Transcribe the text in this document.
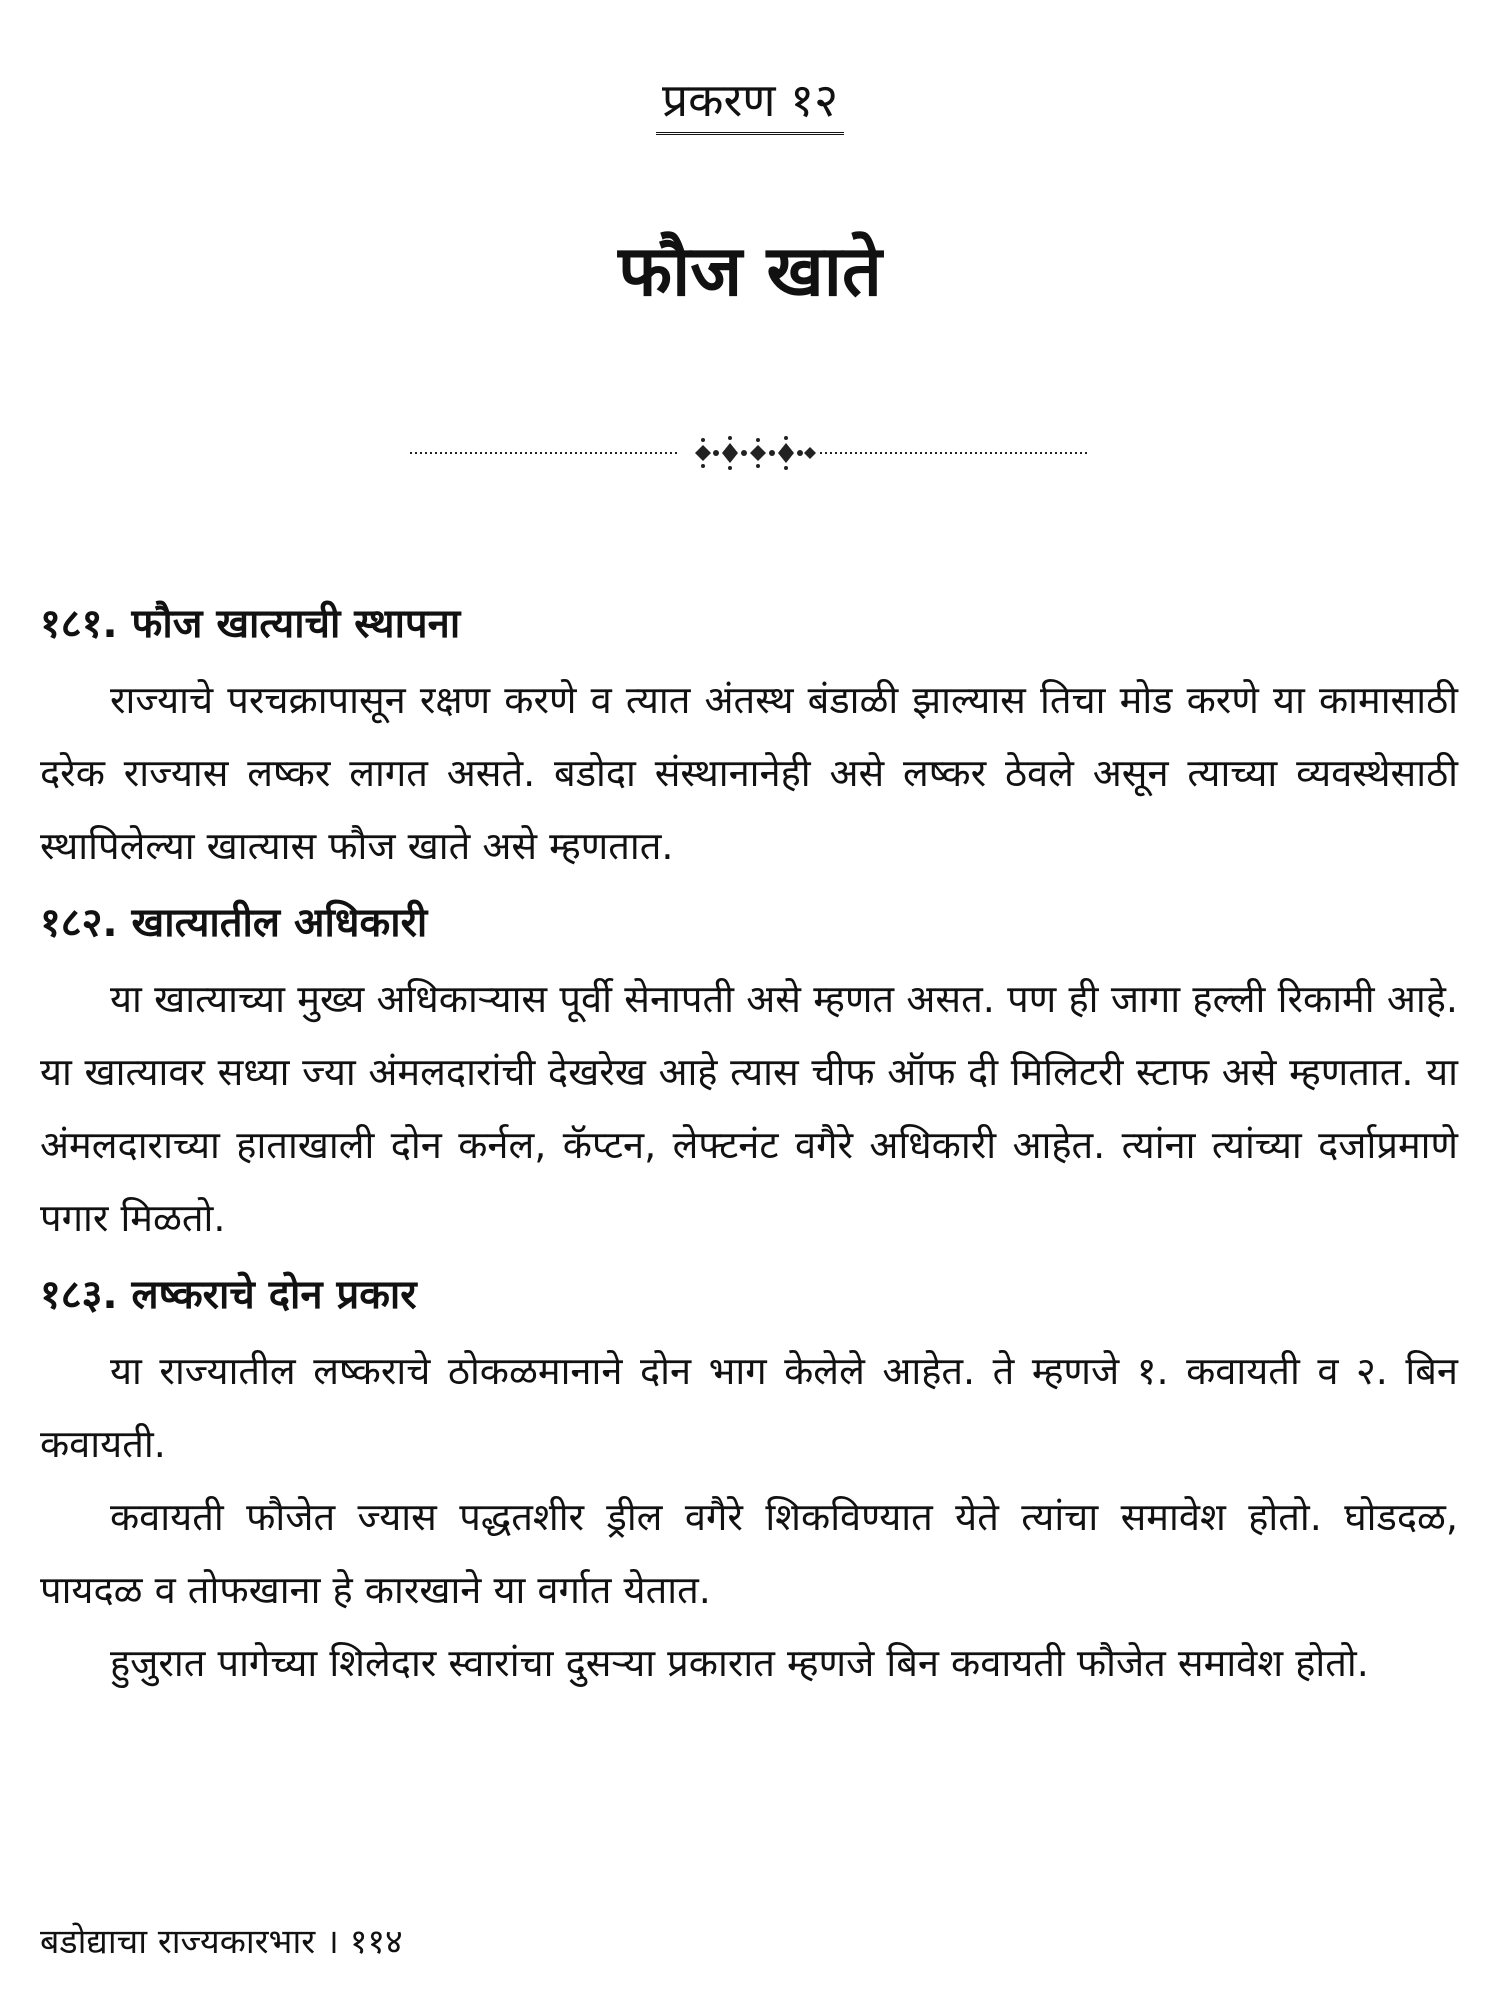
प्रकरण १२
फौज खाते
१८१. फौज खात्याची स्थापना

राज्याचे परचक्रापासून रक्षण करणे व त्यात अंतस्थ बंडाळी झाल्यास तिचा मोड करणे या कामासाठी दरेक राज्यास लष्कर लागत असते. बडोदा संस्थानानेही असे लष्कर ठेवले असून त्याच्या व्यवस्थेसाठी स्थापिलेल्या खात्यास फौज खाते असे म्हणतात.

१८२. खात्यातील अधिकारी

या खात्याच्या मुख्य अधिकाऱ्यास पूर्वी सेनापती असे म्हणत असत. पण ही जागा हल्ली रिकामी आहे. या खात्यावर सध्या ज्या अंमलदारांची देखरेख आहे त्यास चीफ ऑफ दी मिलिटरी स्टाफ असे म्हणतात. या अंमलदाराच्या हाताखाली दोन कर्नल, कॅप्टन, लेफ्टनंट वगैरे अधिकारी आहेत. त्यांना त्यांच्या दर्जाप्रमाणे पगार मिळतो.

१८३. लष्कराचे दोन प्रकार

या राज्यातील लष्कराचे ठोकळमानाने दोन भाग केलेले आहेत. ते म्हणजे १. कवायती व २. बिन कवायती.

कवायती फौजेत ज्यास पद्धतशीर ड्रील वगैरे शिकविण्यात येते त्यांचा समावेश होतो. घोडदळ, पायदळ व तोफखाना हे कारखाने या वर्गात येतात.

हुजुरात पागेच्या शिलेदार स्वारांचा दुसऱ्या प्रकारात म्हणजे बिन कवायती फौजेत समावेश होतो.

बडोद्याचा राज्यकारभार । ११४
